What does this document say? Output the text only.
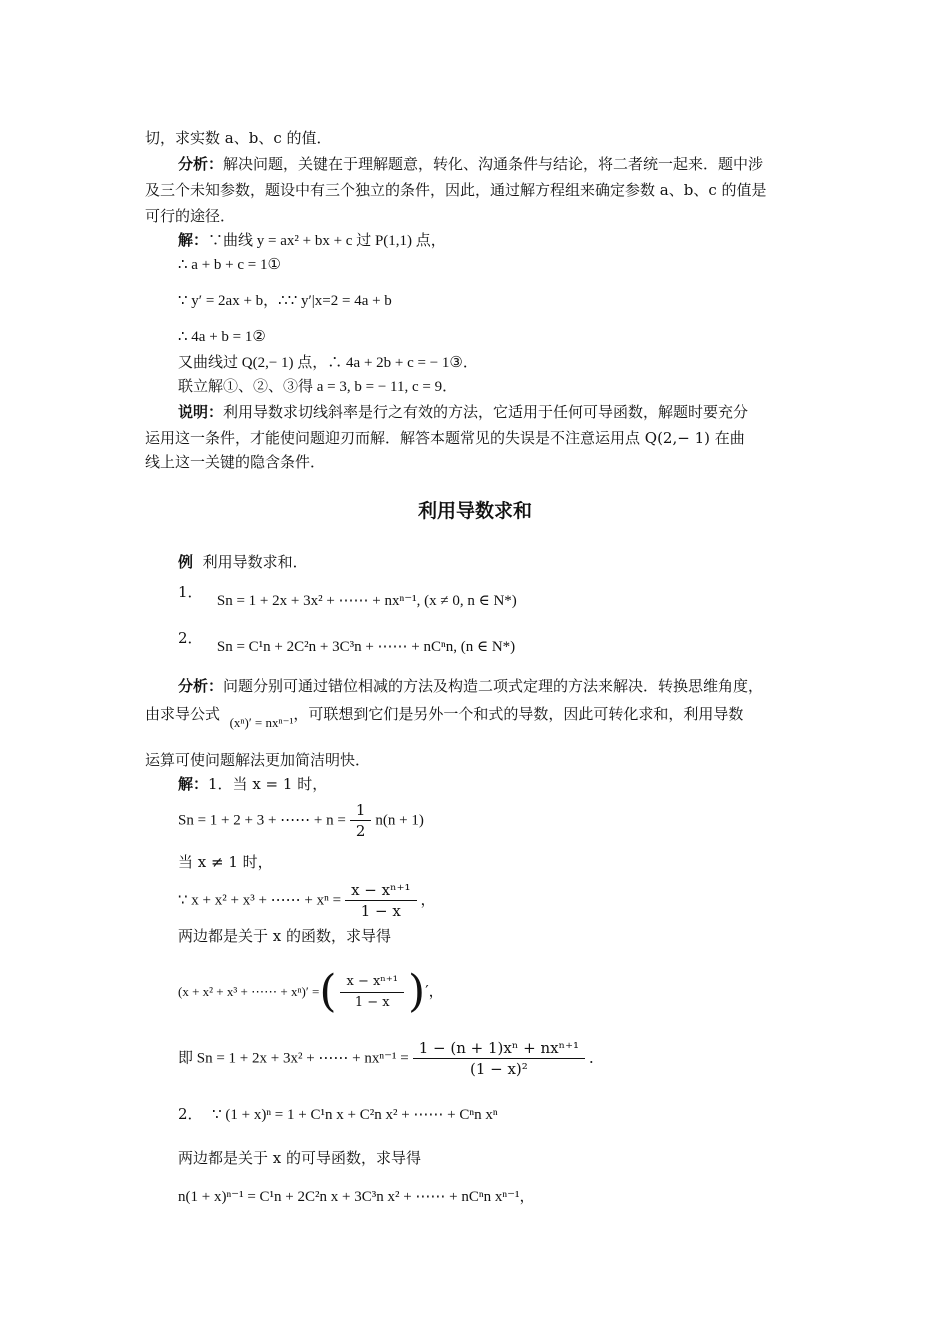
切，求实数 a、b、c 的值．
分析：解决问题，关键在于理解题意，转化、沟通条件与结论，将二者统一起来．题中涉
及三个未知参数，题设中有三个独立的条件，因此，通过解方程组来确定参数 a、b、c 的值是
可行的途径．
解：∵曲线 y = ax² + bx + c 过 P(1,1) 点，
∴ a + b + c = 1①
∵ y′ = 2ax + b，∴∵ y′|x=2 = 4a + b
∴ 4a + b = 1②
又曲线过 Q(2,− 1) 点，∴ 4a + 2b + c = − 1③．
联立解①、②、③得 a = 3, b = − 11, c = 9．
说明：利用导数求切线斜率是行之有效的方法，它适用于任何可导函数，解题时要充分
运用这一条件，才能使问题迎刃而解．解答本题常见的失误是不注意运用点 Q(2,− 1) 在曲
线上这一关键的隐含条件．
利用导数求和
例 利用导数求和．
1． Sn = 1 + 2x + 3x² + ⋯⋯ + nxⁿ⁻¹, (x ≠ 0, n ∈ N*)
2． Sn = C¹n + 2C²n + 3C³n + ⋯⋯ + nCⁿn, (n ∈ N*)
分析：问题分别可通过错位相减的方法及构造二项式定理的方法来解决．转换思维角度，
由求导公式 (xⁿ)′ = nxⁿ⁻¹，可联想到它们是另外一个和式的导数，因此可转化求和，利用导数
运算可使问题解法更加简洁明快．
解：1．当 x = 1 时，
Sn = 1 + 2 + 3 + ⋯⋯ + $n = \frac{1}{2} n(n + 1)$
当 x ≠ 1 时，
∵ x + x² + x³ + ⋯⋯ + $x^n = \frac{\text{x − xⁿ⁺¹}}{1 - x}$ ，
两边都是关于 x 的函数，求导得
(x + x² + x³ + ⋯⋯ + xⁿ)′ =( $\frac{\text{x − xⁿ⁺¹}}{1 - x}$ )′，
即 Sn = 1 + 2x + 3x² + ⋯⋯ + $nx^{n-1} = \frac{\text{1 − (n + 1)xⁿ + nxⁿ⁺¹}}{\text{(1 − x)²}}$ ．
2． ∵ (1 + x)ⁿ = 1 + C¹n x + C²n x² + ⋯⋯ + Cⁿn xⁿ
两边都是关于 x 的可导函数，求导得
n(1 + x)ⁿ⁻¹ = C¹n + 2C²n x + 3C³n x² + ⋯⋯ + nCⁿn xⁿ⁻¹，
